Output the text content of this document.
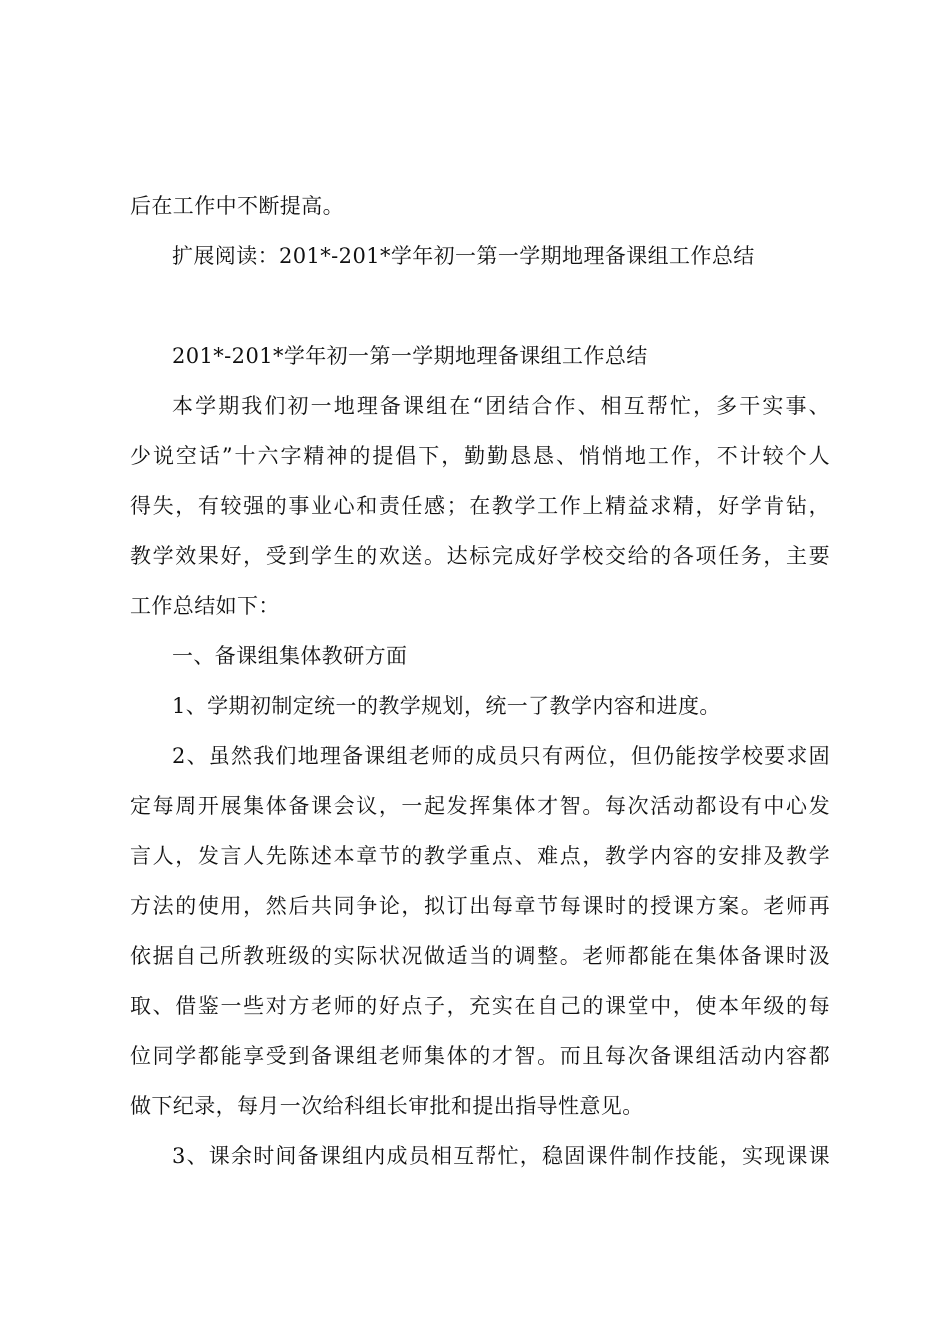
后在工作中不断提高。
扩展阅读：201*-201*学年初一第一学期地理备课组工作总结
201*-201*学年初一第一学期地理备课组工作总结
本学期我们初一地理备课组在“团结合作、相互帮忙，多干实事、
少说空话”十六字精神的提倡下，勤勤恳恳、悄悄地工作，不计较个人
得失，有较强的事业心和责任感；在教学工作上精益求精，好学肯钻，
教学效果好，受到学生的欢送。达标完成好学校交给的各项任务，主要
工作总结如下：
一、备课组集体教研方面
1、学期初制定统一的教学规划，统一了教学内容和进度。
2、虽然我们地理备课组老师的成员只有两位，但仍能按学校要求固
定每周开展集体备课会议，一起发挥集体才智。每次活动都设有中心发
言人，发言人先陈述本章节的教学重点、难点，教学内容的安排及教学
方法的使用，然后共同争论，拟订出每章节每课时的授课方案。老师再
依据自己所教班级的实际状况做适当的调整。老师都能在集体备课时汲
取、借鉴一些对方老师的好点子，充实在自己的课堂中，使本年级的每
位同学都能享受到备课组老师集体的才智。而且每次备课组活动内容都
做下纪录，每月一次给科组长审批和提出指导性意见。
3、课余时间备课组内成员相互帮忙，稳固课件制作技能，实现课课
